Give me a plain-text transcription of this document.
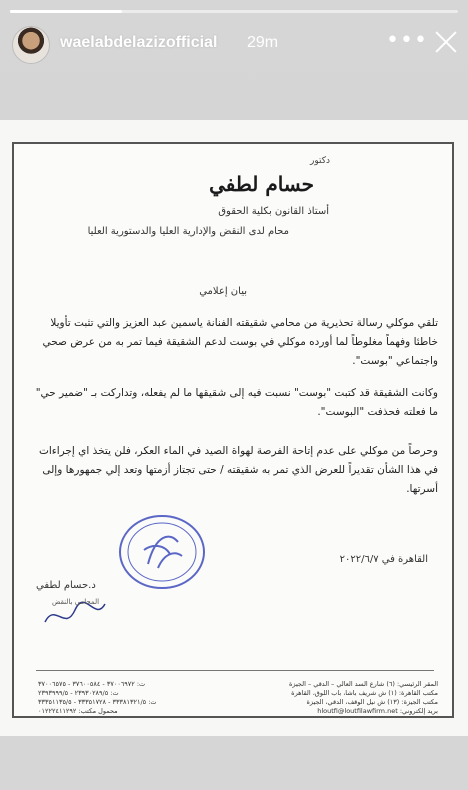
waelabdelazizofficial 29m	•••
دكتور
حسام لطفي
أستاذ القانون بكلية الحقوق
محام لدى النقض والإدارية العليا والدستورية العليا
بيان إعلامي
تلقي موكلي رسالة تحذيرية من محامي شقيقته الفنانة ياسمين عبد العزيز والتي تثبت تأويلا خاطئا وفهماً مغلوطاً لما أورده موكلي في بوست لدعم الشقيقة فيما تمر به من عرض صحي واجتماعي "بوست".
وكانت الشقيقة قد كتبت "بوست" نسبت فيه إلى شقيقها ما لم يفعله، وتداركت بـ "ضمير حي" ما فعلته فحذفت "البوست".
وحرصاً من موكلي على عدم إتاحة الفرصة لهواة الصيد في الماء العكر، فلن يتخذ اي إجراءات في هذا الشأن تقديراً للعرض الذي تمر به شقيقته / حتى تجتاز أزمتها وتعد إلي جمهورها وإلى أسرتها.
القاهرة في ٢٠٢٢/٦/٧
د.حسام لطفي
المحامي بالنقض
ت: ٣٧٠٠٦٩٧٢ - ٣٧٦٠٠٥٨٤ - ٣٧٠٠٦٥٧٥
ت: ٢٣٩٣٠٢٨٩/٥ - ٢٣٩٣٩٩٩/٥
ت: ٣٣٣٨١٣٢١/٥ - ٣٣٣٥١٧٢٨ - ٣٣٣٥١١٣٥/٥
محمول مكتب: ٠١٢٢٢٤١١٢٩٢
المقر الرئيسي: (٦) شارع السد العالي – الدقي – الجيزة
مكتب القاهرة: (١) ش شريف باشا، باب اللوق، القاهرة
مكتب الجيزة: (١٣) ش نيل الوقف، الدقي، الجيزة
بريد إلكتروني: hloutfi@loutfilawfirm.net
